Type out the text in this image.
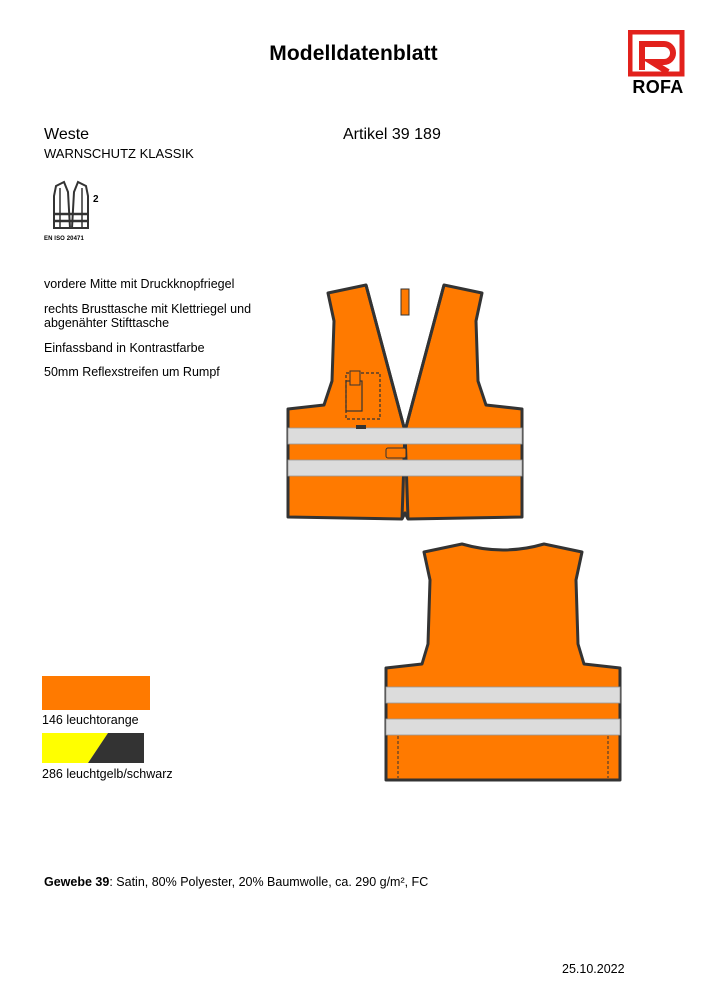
Modelldatenblatt
ROFA
Weste
WARNSCHUTZ KLASSIK
Artikel 39 189
2
EN ISO 20471
vordere Mitte mit Druckknopfriegel
rechts Brusttasche mit Klettriegel und abgenähter Stifttasche
Einfassband in Kontrastfarbe
50mm Reflexstreifen um Rumpf
146 leuchtorange
286 leuchtgelb/schwarz
Gewebe 39: Satin, 80% Polyester, 20% Baumwolle, ca. 290 g/m², FC
25.10.2022
